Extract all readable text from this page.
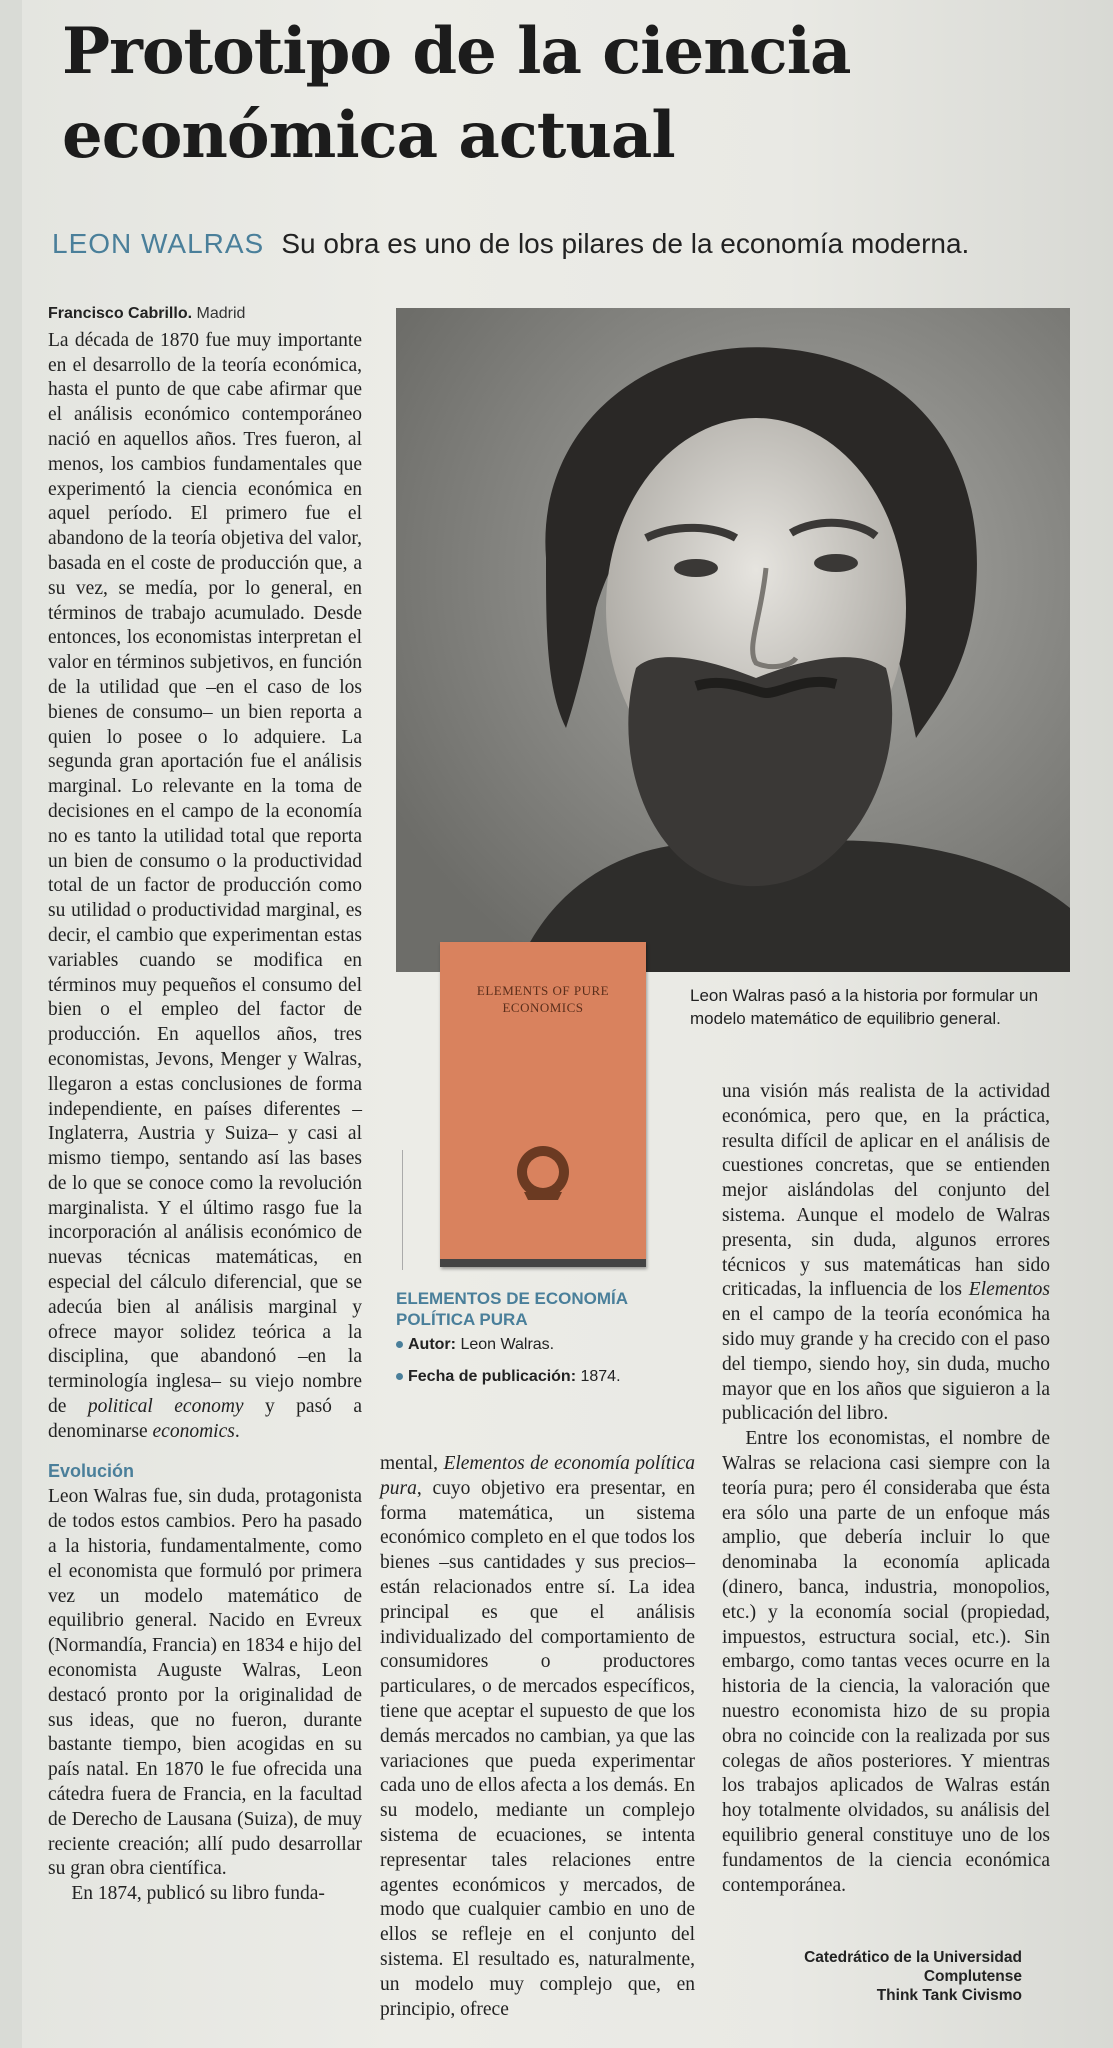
Prototipo de la ciencia económica actual
LEON WALRAS Su obra es uno de los pilares de la economía moderna.
Francisco Cabrillo. Madrid

La década de 1870 fue muy importante en el desarrollo de la teoría económica, hasta el punto de que cabe afirmar que el análisis económico contemporáneo nació en aquellos años. Tres fueron, al menos, los cambios fundamentales que experimentó la ciencia económica en aquel período. El primero fue el abandono de la teoría objetiva del valor, basada en el coste de producción que, a su vez, se medía, por lo general, en términos de trabajo acumulado. Desde entonces, los economistas interpretan el valor en términos subjetivos, en función de la utilidad que –en el caso de los bienes de consumo– un bien reporta a quien lo posee o lo adquiere. La segunda gran aportación fue el análisis marginal. Lo relevante en la toma de decisiones en el campo de la economía no es tanto la utilidad total que reporta un bien de consumo o la productividad total de un factor de producción como su utilidad o productividad marginal, es decir, el cambio que experimentan estas variables cuando se modifica en términos muy pequeños el consumo del bien o el empleo del factor de producción. En aquellos años, tres economistas, Jevons, Menger y Walras, llegaron a estas conclusiones de forma independiente, en países diferentes –Inglaterra, Austria y Suiza– y casi al mismo tiempo, sentando así las bases de lo que se conoce como la revolución marginalista. Y el último rasgo fue la incorporación al análisis económico de nuevas técnicas matemáticas, en especial del cálculo diferencial, que se adecúa bien al análisis marginal y ofrece mayor solidez teórica a la disciplina, que abandonó –en la terminología inglesa– su viejo nombre de political economy y pasó a denominarse economics.

Evolución

Leon Walras fue, sin duda, protagonista de todos estos cambios. Pero ha pasado a la historia, fundamentalmente, como el economista que formuló por primera vez un modelo matemático de equilibrio general. Nacido en Evreux (Normandía, Francia) en 1834 e hijo del economista Auguste Walras, Leon destacó pronto por la originalidad de sus ideas, que no fueron, durante bastante tiempo, bien acogidas en su país natal. En 1870 le fue ofrecida una cátedra fuera de Francia, en la facultad de Derecho de Lausana (Suiza), de muy reciente creación; allí pudo desarrollar su gran obra científica.

En 1874, publicó su libro funda-

Leon Walras pasó a la historia por formular un modelo matemático de equilibrio general.
ELEMENTS OF PURE ECONOMICS
ELEMENTOS DE ECONOMÍA POLÍTICA PURA
Autor: Leon Walras.
Fecha de publicación: 1874.

mental, Elementos de economía política pura, cuyo objetivo era presentar, en forma matemática, un sistema económico completo en el que todos los bienes –sus cantidades y sus precios– están relacionados entre sí. La idea principal es que el análisis individualizado del comportamiento de consumidores o productores particulares, o de mercados específicos, tiene que aceptar el supuesto de que los demás mercados no cambian, ya que las variaciones que pueda experimentar cada uno de ellos afecta a los demás. En su modelo, mediante un complejo sistema de ecuaciones, se intenta representar tales relaciones entre agentes económicos y mercados, de modo que cualquier cambio en uno de ellos se refleje en el conjunto del sistema. El resultado es, naturalmente, un modelo muy complejo que, en principio, ofrece

una visión más realista de la actividad económica, pero que, en la práctica, resulta difícil de aplicar en el análisis de cuestiones concretas, que se entienden mejor aislándolas del conjunto del sistema. Aunque el modelo de Walras presenta, sin duda, algunos errores técnicos y sus matemáticas han sido criticadas, la influencia de los Elementos en el campo de la teoría económica ha sido muy grande y ha crecido con el paso del tiempo, siendo hoy, sin duda, mucho mayor que en los años que siguieron a la publicación del libro.

Entre los economistas, el nombre de Walras se relaciona casi siempre con la teoría pura; pero él consideraba que ésta era sólo una parte de un enfoque más amplio, que debería incluir lo que denominaba la economía aplicada (dinero, banca, industria, monopolios, etc.) y la economía social (propiedad, impuestos, estructura social, etc.). Sin embargo, como tantas veces ocurre en la historia de la ciencia, la valoración que nuestro economista hizo de su propia obra no coincide con la realizada por sus colegas de años posteriores. Y mientras los trabajos aplicados de Walras están hoy totalmente olvidados, su análisis del equilibrio general constituye uno de los fundamentos de la ciencia económica contemporánea.

Catedrático de la Universidad
Complutense
Think Tank Civismo
